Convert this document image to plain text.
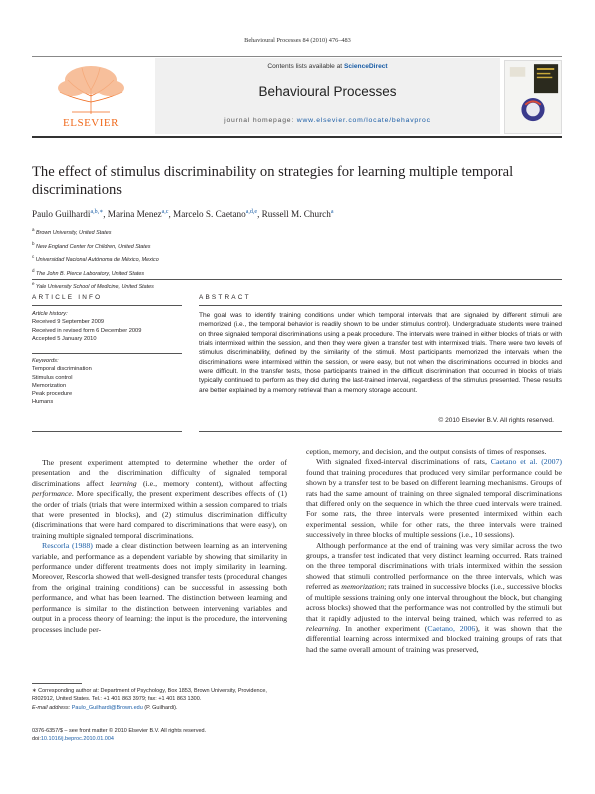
Behavioural Processes 84 (2010) 476–483
Contents lists available at ScienceDirect
Behavioural Processes
journal homepage: www.elsevier.com/locate/behavproc
ELSEVIER
The effect of stimulus discriminability on strategies for learning multiple temporal discriminations
Paulo Guilhardi$^{a,b,∗}$, Marina Menez$^{a,c}$, Marcelo S. Caetano$^{a,d,e}$, Russell M. Church$^a$
$^a$ Brown University, United States
$^b$ New England Center for Children, United States
$^c$ Universidad Nacional Autónoma de México, Mexico
$^d$ The John B. Pierce Laboratory, United States
$^e$ Yale University School of Medicine, United States
ARTICLE INFO	ABSTRACT
Article history:
Received 9 September 2009
Received in revised form 6 December 2009
Accepted 5 January 2010
Keywords:
Temporal discrimination
Stimulus control
Memorization
Peak procedure
Humans
The goal was to identify training conditions under which temporal intervals that are signaled by different stimuli are memorized (i.e., the temporal behavior is readily shown to be under stimulus control). Undergraduate students were trained on three signaled temporal discriminations using a peak procedure. The intervals were trained in either blocks of trials or with trials intermixed within the session, and then they were given a transfer test with intermixed trials. There were two levels of stimulus discriminability, defined by the similarity of the stimuli. Most participants memorized the intervals when the discriminations were intermixed within the session, or were easy, but not when the discriminations occurred in blocks and were difficult. In the transfer tests, those participants trained in the difficult discrimination that occurred in blocks of trials typically continued to perform as they did during the last-trained interval, regardless of the stimulus presented. These results are better explained by a memory retrieval than a memory storage account.
© 2010 Elsevier B.V. All rights reserved.

The present experiment attempted to determine whether the order of presentation and the discrimination difficulty of signaled temporal discriminations affect learning (i.e., memory content), without affecting performance. More specifically, the present experiment describes effects of (1) the order of trials (trials that were intermixed within a session compared to trials that were presented in blocks), and (2) stimulus discrimination difficulty (discriminations that were hard compared to discriminations that were easy), on training multiple signaled temporal discriminations.

Rescorla (1988) made a clear distinction between learning as an intervening variable, and performance as a dependent variable by showing that similarity in performance under different treatments does not imply similarity in learning. Moreover, Rescorla showed that well-designed transfer tests (procedural changes from the original training conditions) can be successful in assessing both performance, and what has been learned. The distinction between learning and performance is similar to the distinction between intervening variables and output in a process theory of learning: the input is the procedure, the intervening processes include per-

ception, memory, and decision, and the output consists of times of responses.

With signaled fixed-interval discriminations of rats, Caetano et al. (2007) found that training procedures that produced very similar performance could be shown by a transfer test to be based on different learning mechanisms. Groups of rats had the same amount of training on three signaled temporal discriminations that differed only on the sequence in which the three cued intervals were trained. For some rats, the three intervals were presented intermixed within each experimental session, while for other rats, the three intervals were trained successively in three blocks of multiple sessions (i.e., 10 sessions).

Although performance at the end of training was very similar across the two groups, a transfer test indicated that very distinct learning occurred. Rats trained on the three temporal discriminations with trials intermixed within the session showed that stimuli controlled performance on the three intervals, which was referred as memorization; rats trained in successive blocks (i.e., successive blocks of multiple sessions training only one interval throughout the block, but changing across blocks) showed that the performance was not controlled by the stimuli but that it rapidly adjusted to the interval being trained, which was referred to as relearning. In another experiment (Caetano, 2006), it was shown that the differential learning across intermixed and blocked training groups of rats that had the same overall amount of training was preserved,

∗ Corresponding author at: Department of Psychology, Box 1853, Brown University, Providence, RI02912, United States. Tel.: +1 401 863 3979; fax: +1 401 863 1300.
E-mail address: Paulo_Guilhardi@Brown.edu (P. Guilhardi).
0376-6357/$ – see front matter © 2010 Elsevier B.V. All rights reserved.
doi:10.1016/j.beproc.2010.01.004
